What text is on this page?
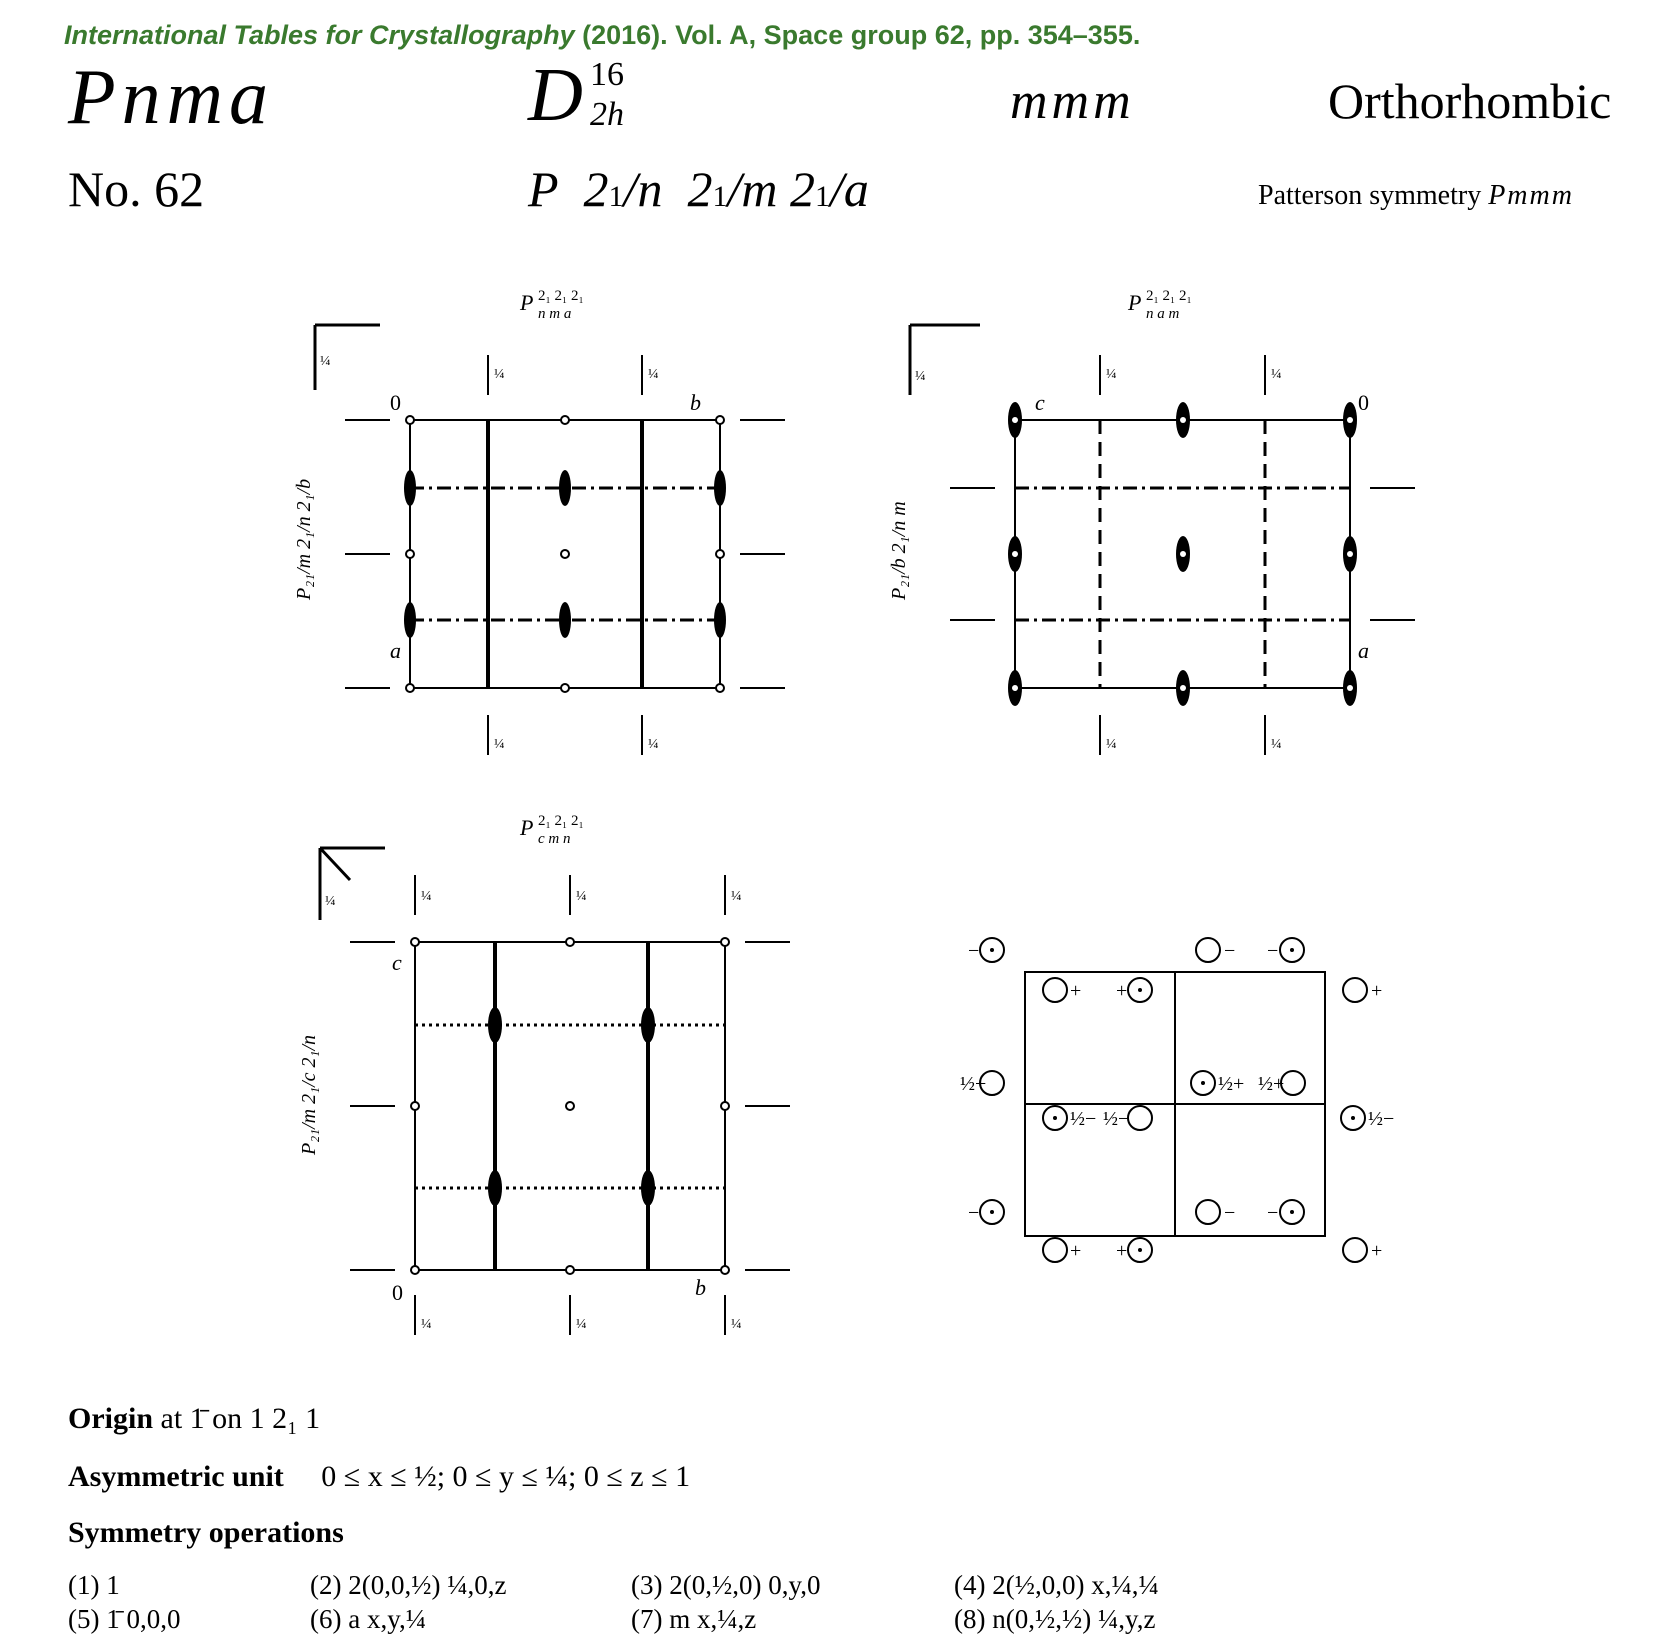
International Tables for Crystallography (2016). Vol. A, Space group 62, pp. 354–355.
Pnma	D 16
2h	mmm	Orthorhombic
No. 62	P  21/n  21/m 21/a	Patterson symmetry Pmmm
P 2₁ 2₁ 2₁
n m a
¼
0	b
a
¼	¼
¼	¼
P₂₁/m 2₁/n 2₁/b
P 2₁ 2₁ 2₁
n a m
¼
c	0
a
¼	¼
¼	¼
P₂₁/b 2₁/n m
P 2₁ 2₁ 2₁
c m n
¼
c
0	b
¼	¼	¼
¼	¼	¼
P₂₁/m 2₁/c 2₁/n
−	− −
+ +	+
½+	½+ ½+
½− ½−	½−
−	− −
+ +	+
Origin at 1̄ on 1 2₁ 1
Asymmetric unit 0 ≤ x ≤ ½; 0 ≤ y ≤ ¼; 0 ≤ z ≤ 1
Symmetry operations
(1) 1	(2) 2(0,0,½) ¼,0,z	(3) 2(0,½,0) 0,y,0	(4) 2(½,0,0) x,¼,¼
(5) 1̄ 0,0,0	(6) a x,y,¼	(7) m x,¼,z	(8) n(0,½,½) ¼,y,z
